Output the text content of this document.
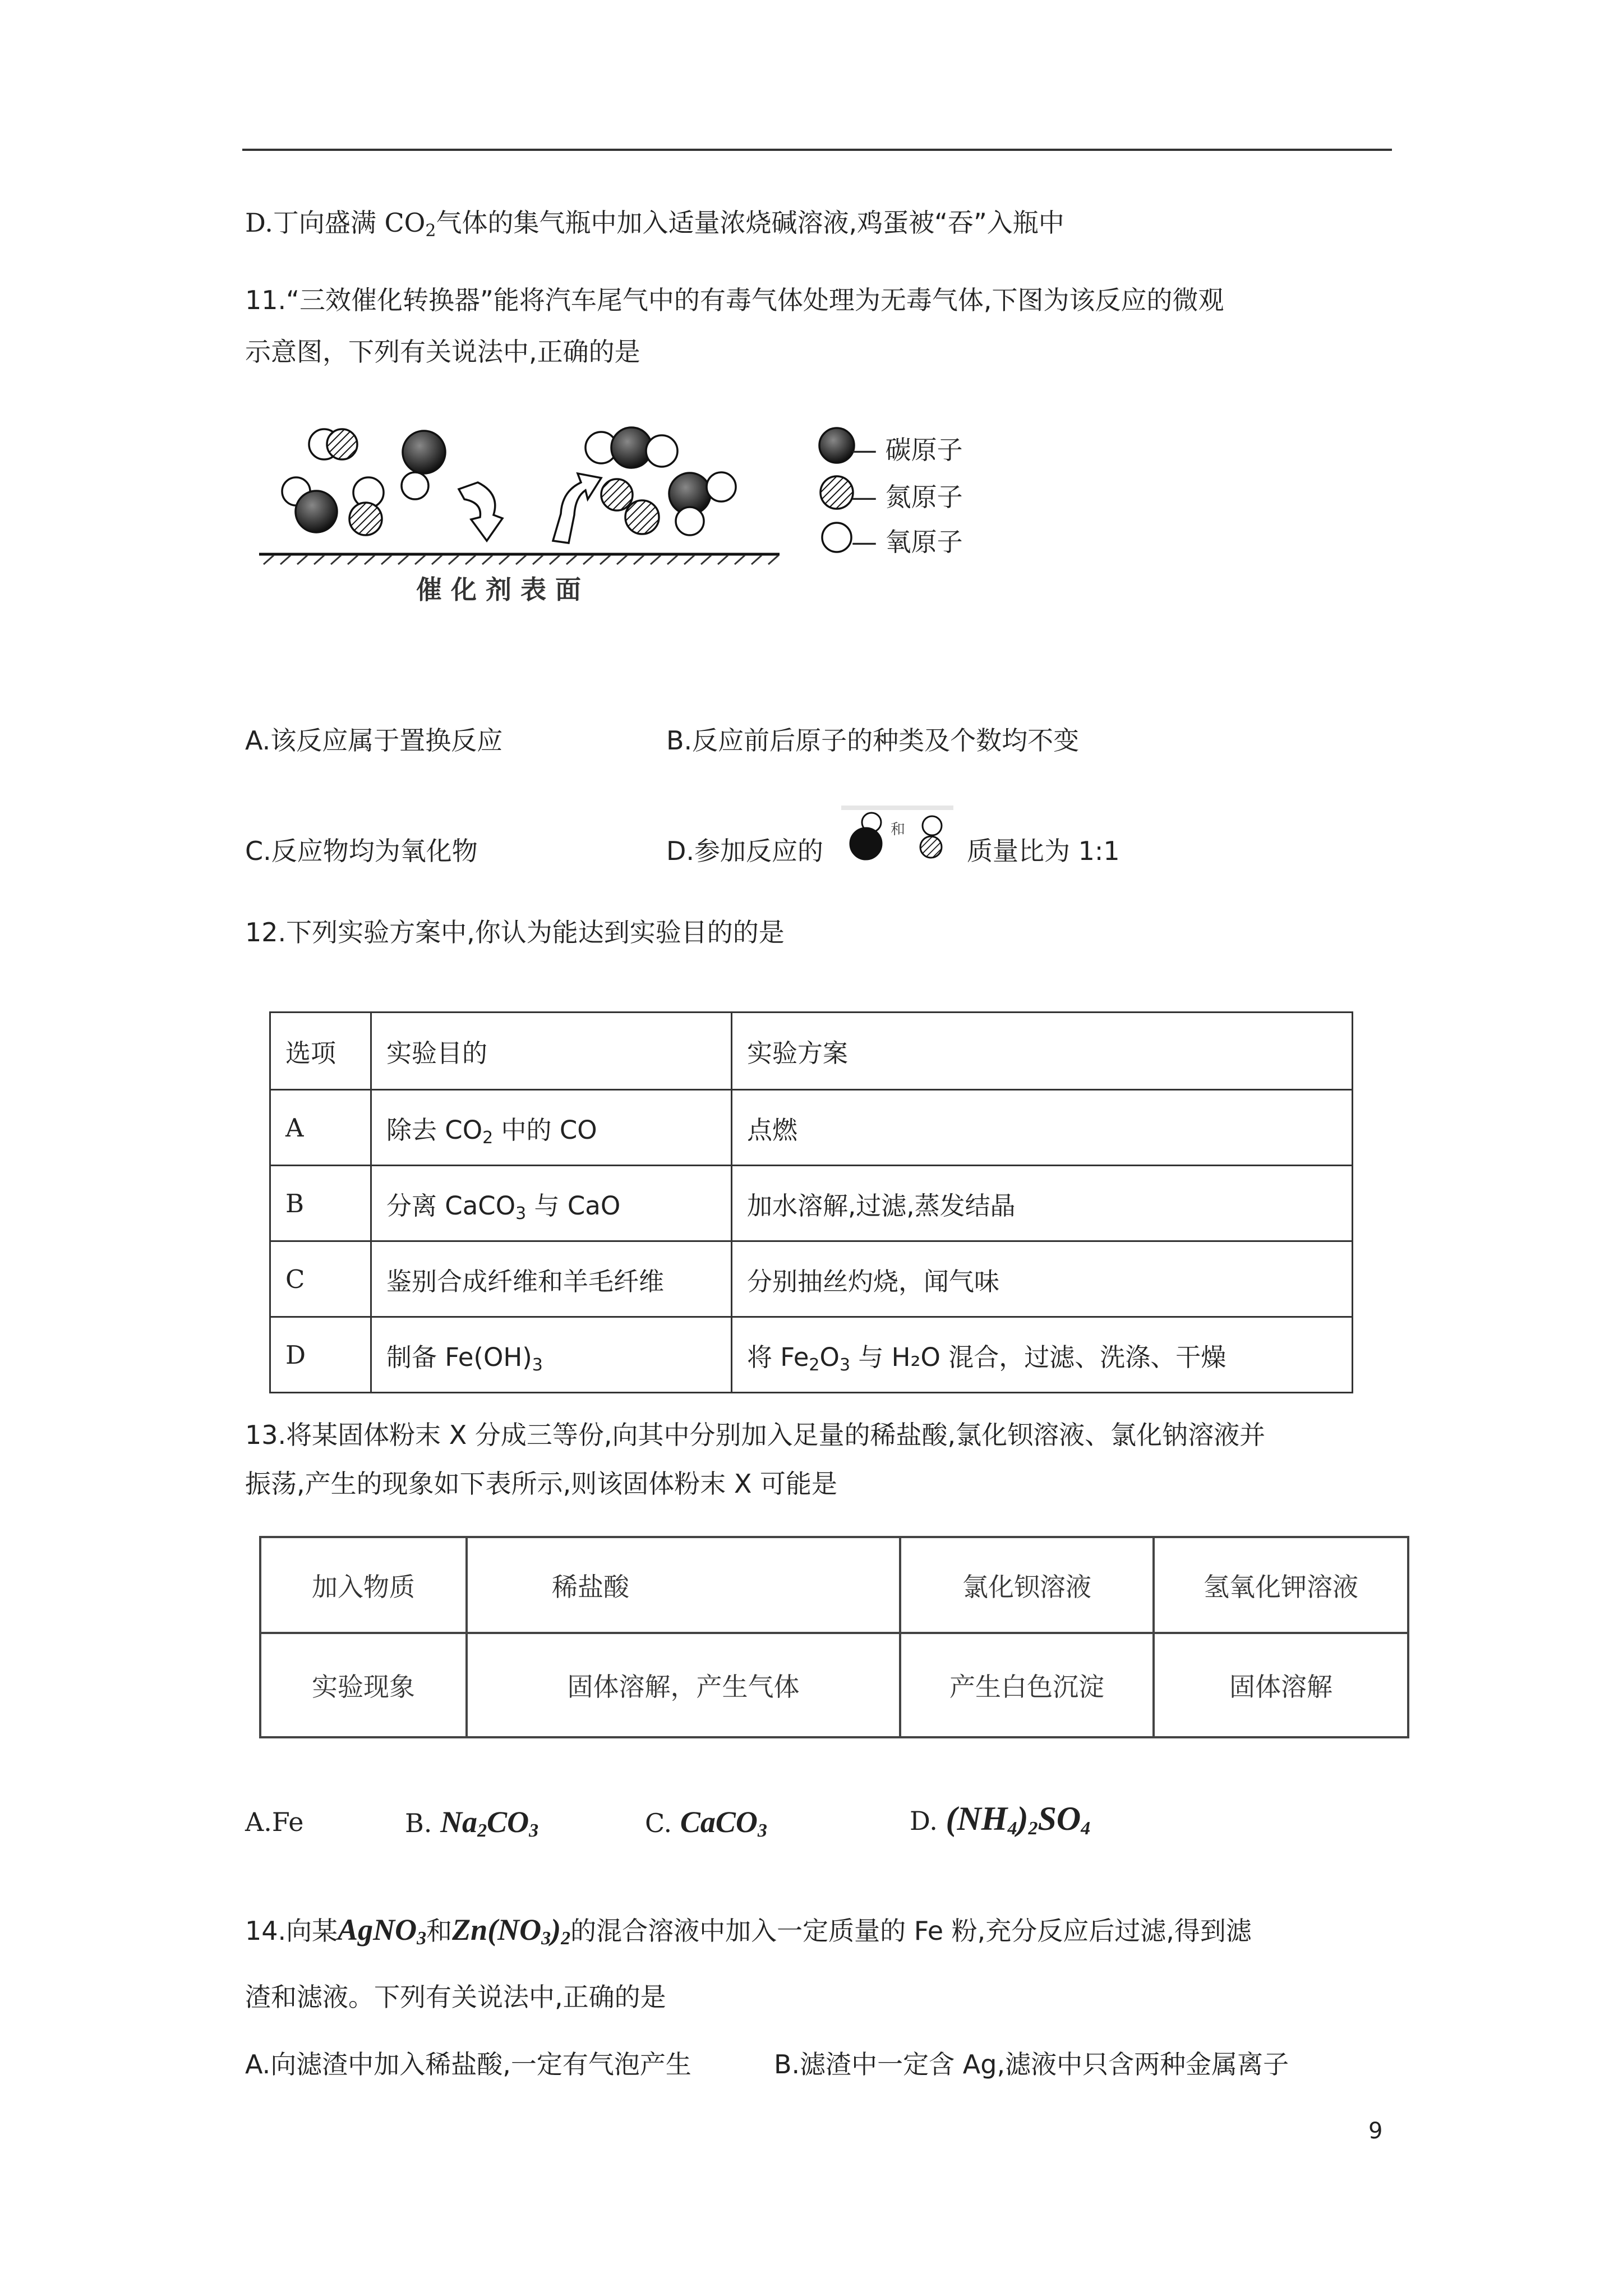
D.丁向盛满 $CO_2$气体的集气瓶中加入适量浓烧碱溶液,鸡蛋被“吞”入瓶中
11.“三效催化转换器”能将汽车尾气中的有毒气体处理为无毒气体,下图为该反应的微观
示意图，下列有关说法中,正确的是
— 碳原子
— 氮原子
— 氧原子
催 化 剂 表 面
A.该反应属于置换反应	B.反应前后原子的种类及个数均不变
C.反应物均为氧化物	D.参加反应的
和
质量比为 1:1
12.下列实验方案中,你认为能达到实验目的的是
选项	实验目的	实验方案
A	除去 $CO_2$ 中的 CO	点燃
B	分离 CaCO$_3$ 与 CaO	加水溶解,过滤,蒸发结晶
C	鉴别合成纤维和羊毛纤维	分别抽丝灼烧，闻气味
D	制备 $Fe(OH)_3$	将 $Fe_2O_3$ 与 H₂O 混合，过滤、洗涤、干燥
13.将某固体粉末 X 分成三等份,向其中分别加入足量的稀盐酸,氯化钡溶液、氯化钠溶液并
振荡,产生的现象如下表所示,则该固体粉末 X 可能是
加入物质	稀盐酸	氯化钡溶液	氢氧化钾溶液
实验现象	固体溶解，产生气体	产生白色沉淀	固体溶解
A.Fe	B. $Na_2CO_3$	C. CaCO$_3$	D. $(NH_4)_2SO_4$
14.向某AgNO$_3$和$Zn(NO_3)_2$的混合溶液中加入一定质量的 Fe 粉,充分反应后过滤,得到滤
渣和滤液。下列有关说法中,正确的是
A.向滤渣中加入稀盐酸,一定有气泡产生	B.滤渣中一定含 Ag,滤液中只含两种金属离子
9
